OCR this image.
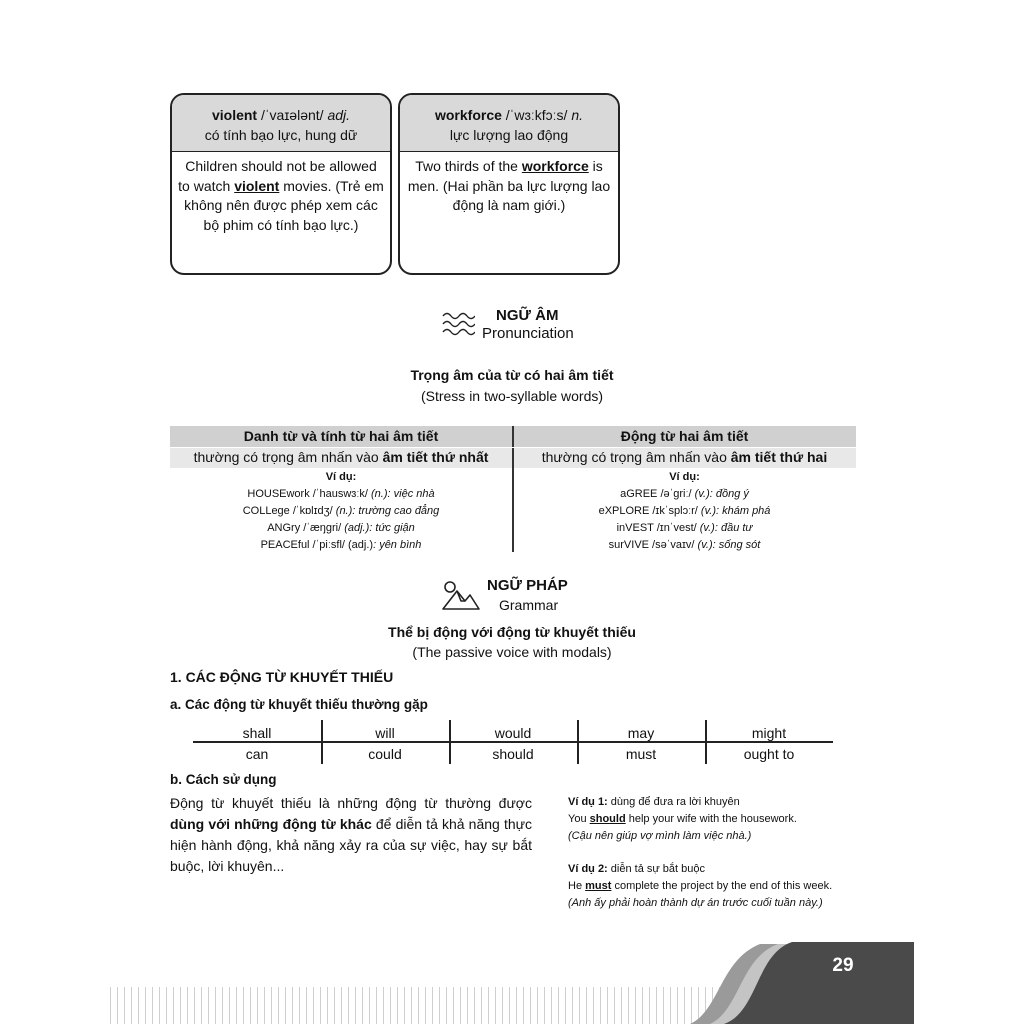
violent /ˈvaɪələnt/ adj.
có tính bạo lực, hung dữ
Children should not be allowed to watch violent movies. (Trẻ em không nên được phép xem các bộ phim có tính bạo lực.)
workforce /ˈwɜːkfɔːs/ n.
lực lượng lao động
Two thirds of the workforce is men. (Hai phần ba lực lượng lao động là nam giới.)
NGỮ ÂM
Pronunciation
Trọng âm của từ có hai âm tiết
(Stress in two-syllable words)
Danh từ và tính từ hai âm tiết	Động từ hai âm tiết
thường có trọng âm nhấn vào âm tiết thứ nhất	thường có trọng âm nhấn vào âm tiết thứ hai
Ví dụ:
HOUSEwork /ˈhauswɜːk/ (n.): việc nhà
COLLege /ˈkɒlɪdʒ/ (n.): trường cao đẳng
ANGry /ˈæŋɡri/ (adj.): tức giận
PEACEful /ˈpiːsfl/ (adj.): yên bình
Ví dụ:
aGREE /əˈɡriː/ (v.): đồng ý
eXPLORE /ɪkˈsplɔːr/ (v.): khám phá
inVEST /ɪnˈvest/ (v.): đầu tư
surVIVE /səˈvaɪv/ (v.): sống sót
NGỮ PHÁP
Grammar
Thể bị động với động từ khuyết thiếu
(The passive voice with modals)
1. CÁC ĐỘNG TỪ KHUYẾT THIẾU
a. Các động từ khuyết thiếu thường gặp
shall	will	would	may	might
can	could	should	must	ought to
b. Cách sử dụng
Động từ khuyết thiếu là những động từ thường được dùng với những động từ khác để diễn tả khả năng thực hiện hành động, khả năng xảy ra của sự việc, hay sự bắt buộc, lời khuyên...
Ví dụ 1: dùng để đưa ra lời khuyên
You should help your wife with the housework.
(Cậu nên giúp vợ mình làm việc nhà.)
Ví dụ 2: diễn tả sự bắt buộc
He must complete the project by the end of this week.
(Anh ấy phải hoàn thành dự án trước cuối tuần này.)
29
